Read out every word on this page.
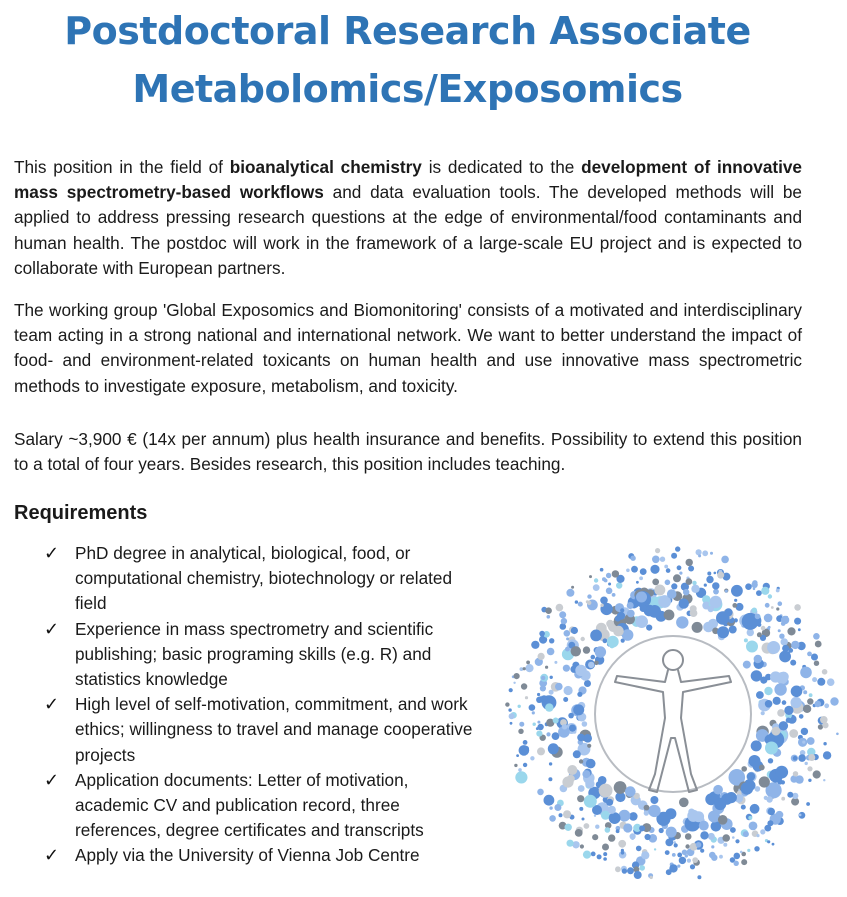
Postdoctoral Research Associate
Metabolomics/Exposomics

This position in the field of bioanalytical chemistry is dedicated to the development of innovative mass spectrometry-based workflows and data evaluation tools. The developed methods will be applied to address pressing research questions at the edge of environmental/food contaminants and human health. The postdoc will work in the framework of a large-scale EU project and is expected to collaborate with European partners.

The working group 'Global Exposomics and Biomonitoring' consists of a motivated and interdisciplinary team acting in a strong national and international network. We want to better understand the impact of food- and environment-related toxicants on human health and use innovative mass spectrometric methods to investigate exposure, metabolism, and toxicity.

Salary ~3,900 € (14x per annum) plus health insurance and benefits. Possibility to extend this position to a total of four years. Besides research, this position includes teaching.

Requirements
✓ PhD degree in analytical, biological, food, or computational chemistry, biotechnology or related field
✓ Experience in mass spectrometry and scientific publishing; basic programing skills (e.g. R) and statistics knowledge
✓ High level of self-motivation, commitment, and work ethics; willingness to travel and manage cooperative projects
✓ Application documents: Letter of motivation, academic CV and publication record, three references, degree certificates and transcripts
✓ Apply via the University of Vienna Job Centre
